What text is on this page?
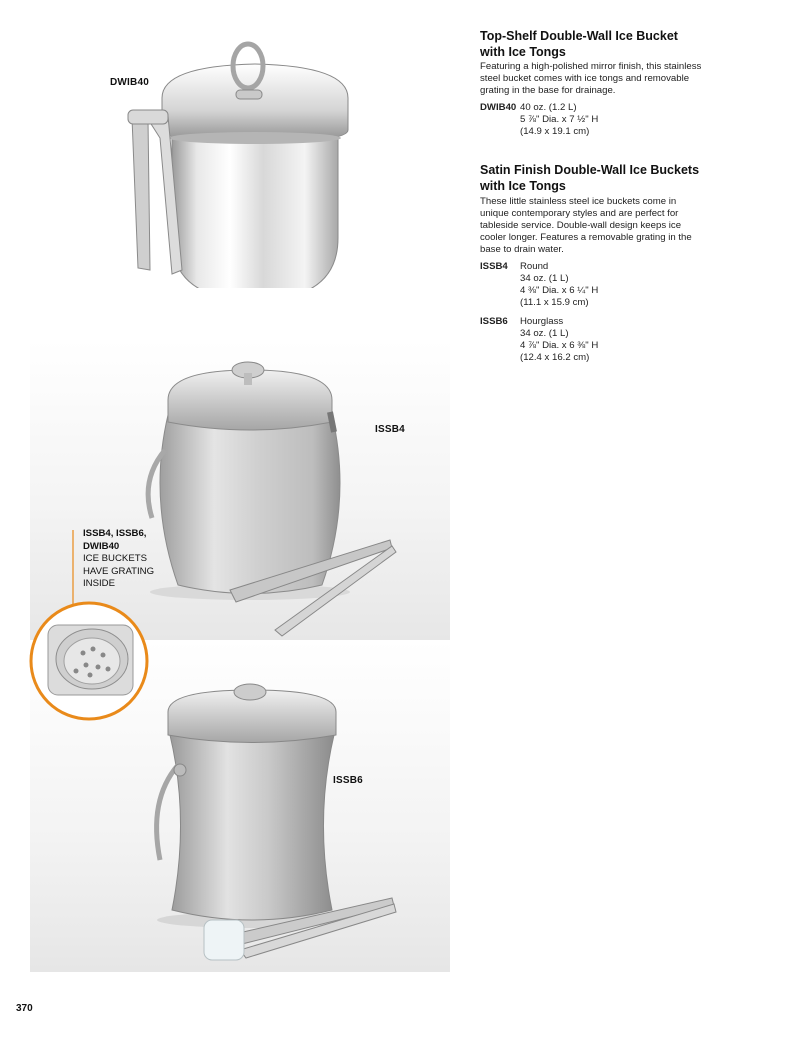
Top-Shelf Double-Wall Ice Bucket
with Ice Tongs
Featuring a high-polished mirror finish, this stainless
steel bucket comes with ice tongs and removable
grating in the base for drainage.
DWIB40 40 oz. (1.2 L)
5 ⅞" Dia. x 7 ½" H
(14.9 x 19.1 cm)
Satin Finish Double-Wall Ice Buckets
with Ice Tongs
These little stainless steel ice buckets come in
unique contemporary styles and are perfect for
tableside service. Double-wall design keeps ice
cooler longer. Features a removable grating in the
base to drain water.
ISSB4 Round
34 oz. (1 L)
4 ⅜" Dia. x 6 ¼" H
(11.1 x 15.9 cm)
ISSB6 Hourglass
34 oz. (1 L)
4 ⅞" Dia. x 6 ⅜" H
(12.4 x 16.2 cm)
DWIB40
ISSB4
ISSB6
ISSB4, ISSB6,
DWIB40
ICE BUCKETS
HAVE GRATING
INSIDE
370
